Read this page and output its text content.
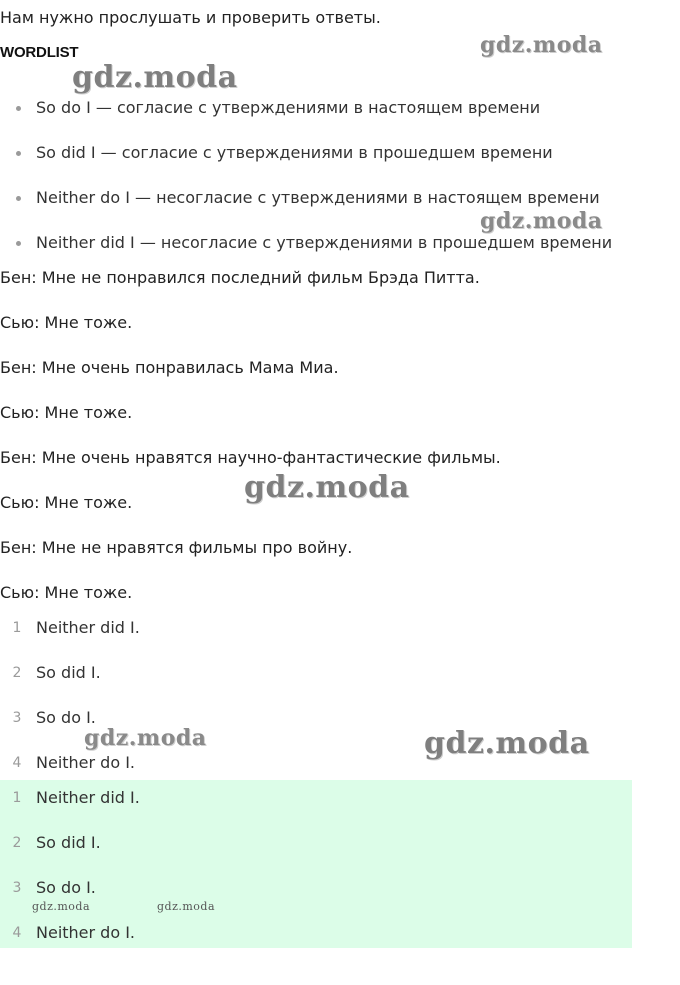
Нам нужно прослушать и проверить ответы.
WORDLIST
So do I — согласие с утверждениями в настоящем времени
So did I — согласие с утверждениями в прошедшем времени
Neither do I — несогласие с утверждениями в настоящем времени
Neither did I — несогласие с утверждениями в прошедшем времени
Бен: Мне не понравился последний фильм Брэда Питта.
Сью: Мне тоже.
Бен: Мне очень понравилась Мама Миа.
Сью: Мне тоже.
Бен: Мне очень нравятся научно-фантастические фильмы.
Сью: Мне тоже.
Бен: Мне не нравятся фильмы про войну.
Сью: Мне тоже.
1 Neither did I.
2 So did I.
3 So do I.
4 Neither do I.
1 Neither did I.
2 So did I.
3 So do I.
4 Neither do I.
gdz.moda
gdz.moda
gdz.moda
gdz.moda
gdz.moda	gdz.moda
gdz.moda	gdz.moda
